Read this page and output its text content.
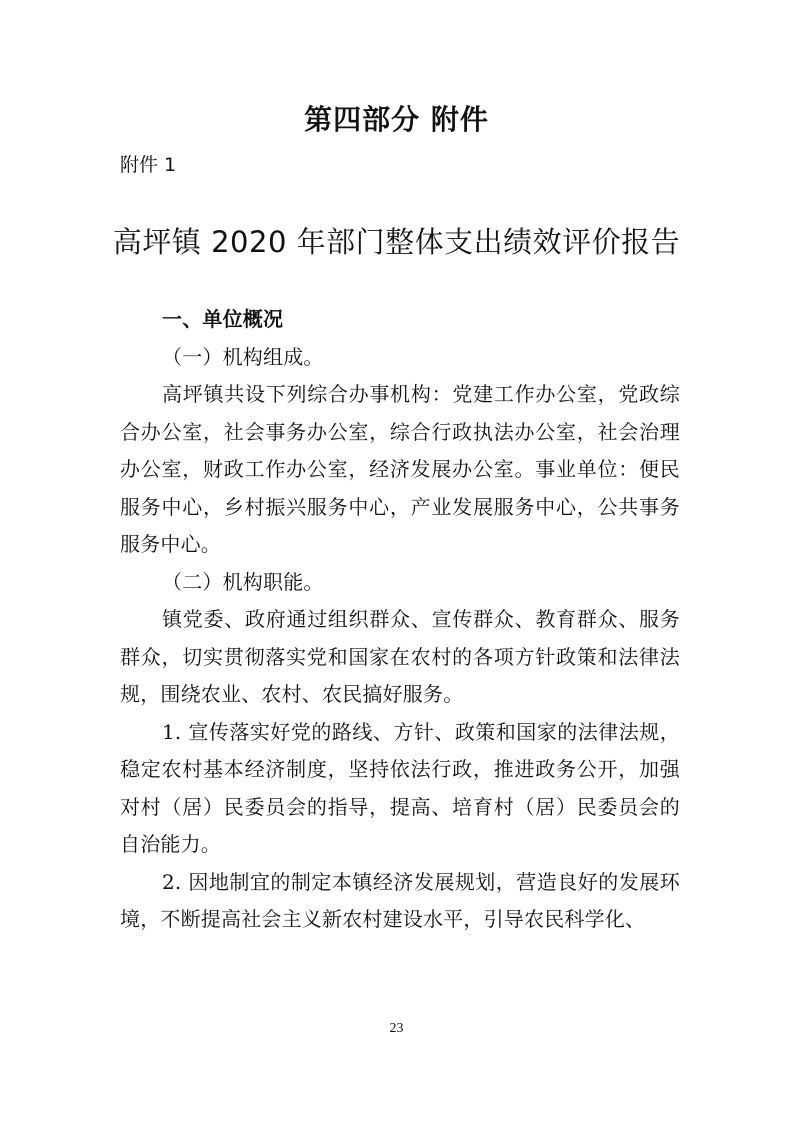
第四部分 附件
附件 1
高坪镇 2020 年部门整体支出绩效评价报告

一、单位概况

（一）机构组成。

高坪镇共设下列综合办事机构：党建工作办公室，党政综合办公室，社会事务办公室，综合行政执法办公室，社会治理办公室，财政工作办公室，经济发展办公室。事业单位：便民服务中心，乡村振兴服务中心，产业发展服务中心，公共事务服务中心。

（二）机构职能。

镇党委、政府通过组织群众、宣传群众、教育群众、服务群众，切实贯彻落实党和国家在农村的各项方针政策和法律法规，围绕农业、农村、农民搞好服务。

1. 宣传落实好党的路线、方针、政策和国家的法律法规，稳定农村基本经济制度，坚持依法行政，推进政务公开，加强对村（居）民委员会的指导，提高、培育村（居）民委员会的自治能力。

2. 因地制宜的制定本镇经济发展规划，营造良好的发展环境，不断提高社会主义新农村建设水平，引导农民科学化、

23
